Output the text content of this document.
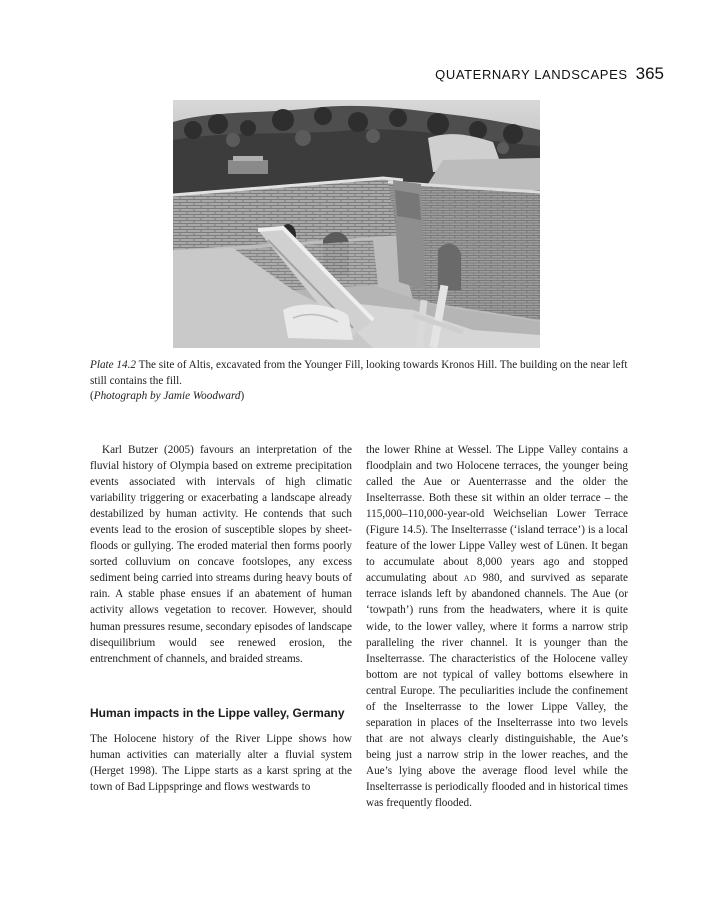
QUATERNARY LANDSCAPES 365
Plate 14.2 The site of Altis, excavated from the Younger Fill, looking towards Kronos Hill. The building on the near left still contains the fill.
(Photograph by Jamie Woodward)

Karl Butzer (2005) favours an interpretation of the fluvial history of Olympia based on extreme precipitation events associated with intervals of high climatic variability triggering or exacerbating a landscape already destabilized by human activity. He contends that such events lead to the erosion of susceptible slopes by sheet-floods or gullying. The eroded material then forms poorly sorted colluvium on concave footslopes, any excess sediment being carried into streams during heavy bouts of rain. A stable phase ensues if an abatement of human activity allows vegetation to recover. However, should human pressures resume, secondary episodes of landscape disequilibrium would see renewed erosion, the entrenchment of channels, and braided streams.

Human impacts in the Lippe valley, Germany

The Holocene history of the River Lippe shows how human activities can materially alter a fluvial system (Herget 1998). The Lippe starts as a karst spring at the town of Bad Lippspringe and flows westwards to

the lower Rhine at Wessel. The Lippe Valley contains a floodplain and two Holocene terraces, the younger being called the Aue or Auenterrasse and the older the Inselterrasse. Both these sit within an older terrace – the 115,000–110,000-year-old Weichselian Lower Terrace (Figure 14.5). The Inselterrasse (‘island terrace’) is a local feature of the lower Lippe Valley west of Lünen. It began to accumulate about 8,000 years ago and stopped accumulating about AD 980, and survived as separate terrace islands left by abandoned channels. The Aue (or ‘towpath’) runs from the headwaters, where it is quite wide, to the lower valley, where it forms a narrow strip paralleling the river channel. It is younger than the Inselterrasse. The characteristics of the Holocene valley bottom are not typical of valley bottoms elsewhere in central Europe. The peculiarities include the confinement of the Inselterrasse to the lower Lippe Valley, the separation in places of the Inselterrasse into two levels that are not always clearly distinguishable, the Aue’s being just a narrow strip in the lower reaches, and the Aue’s lying above the average flood level while the Inselterrasse is periodically flooded and in historical times was frequently flooded.
